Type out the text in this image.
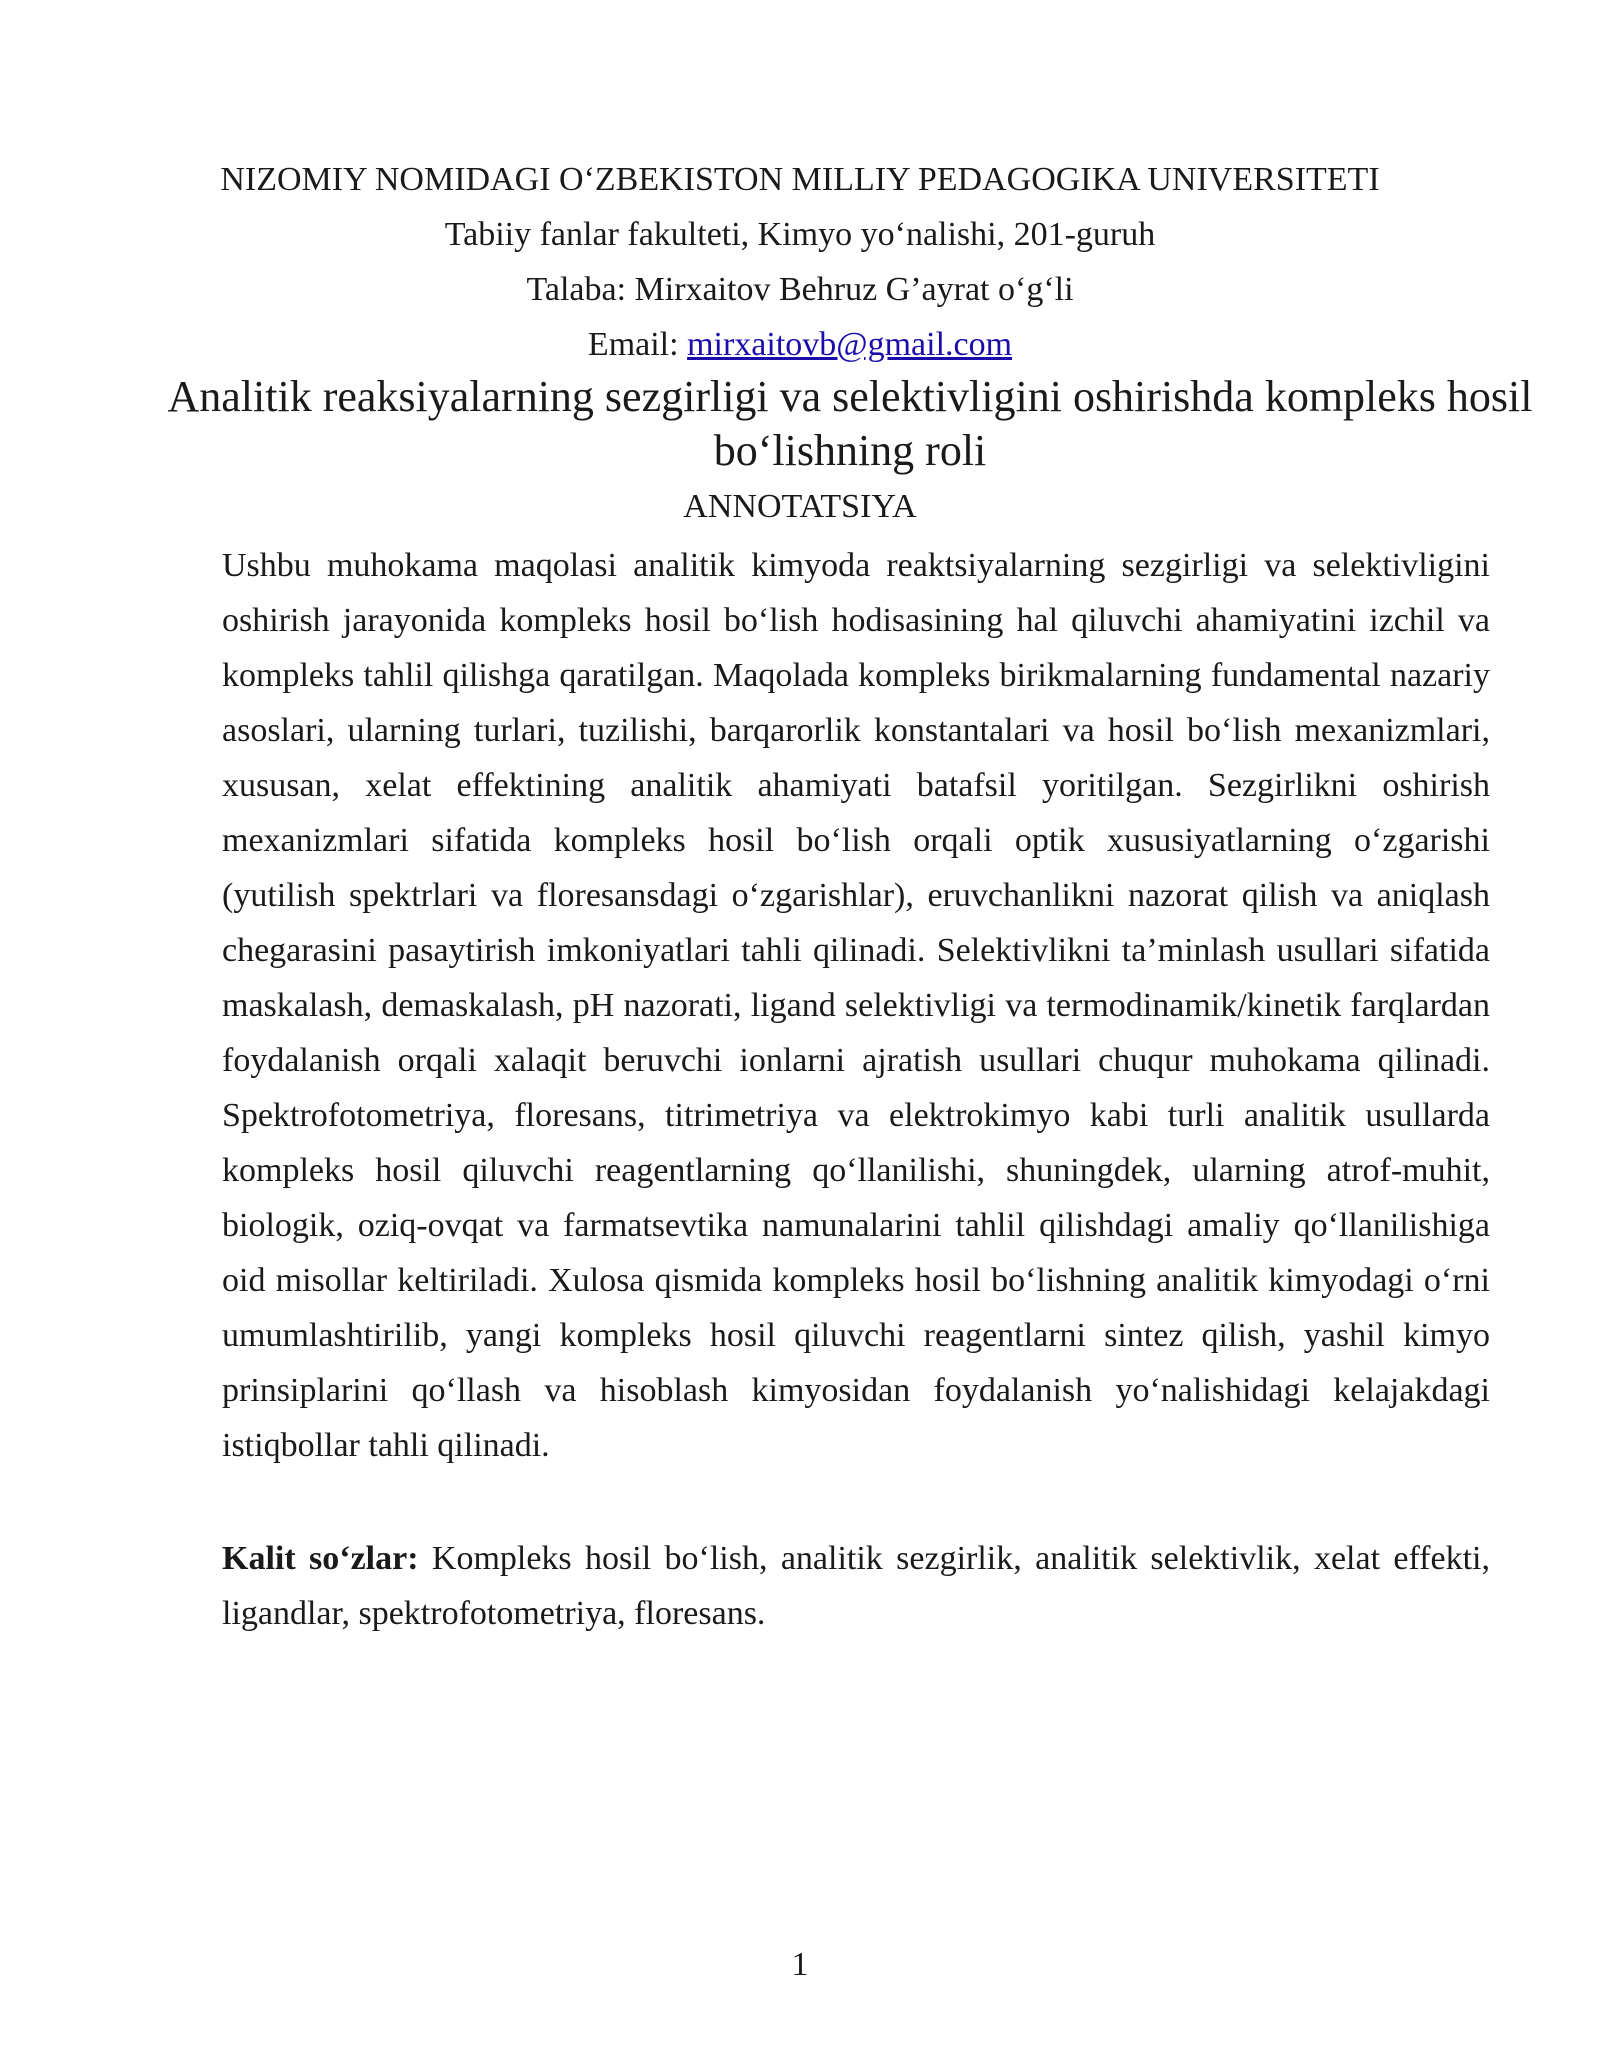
NIZOMIY NOMIDAGI O‘ZBEKISTON MILLIY PEDAGOGIKA UNIVERSITETI
Tabiiy fanlar fakulteti, Kimyo yo‘nalishi, 201-guruh
Talaba: Mirxaitov Behruz G’ayrat o‘g‘li
Email: mirxaitovb@gmail.com
Analitik reaksiyalarning sezgirligi va selektivligini oshirishda kompleks hosil bo‘lishning roli
ANNOTATSIYA
Ushbu muhokama maqolasi analitik kimyoda reaktsiyalarning sezgirligi va selektivligini oshirish jarayonida kompleks hosil bo‘lish hodisasining hal qiluvchi ahamiyatini izchil va kompleks tahlil qilishga qaratilgan. Maqolada kompleks birikmalarning fundamental nazariy asoslari, ularning turlari, tuzilishi, barqarorlik konstantalari va hosil bo‘lish mexanizmlari, xususan, xelat effektining analitik ahamiyati batafsil yoritilgan. Sezgirlikni oshirish mexanizmlari sifatida kompleks hosil bo‘lish orqali optik xususiyatlarning o‘zgarishi (yutilish spektrlari va floresansdagi o‘zgarishlar), eruvchanlikni nazorat qilish va aniqlash chegarasini pasaytirish imkoniyatlari tahli qilinadi. Selektivlikni ta’minlash usullari sifatida maskalash, demaskalash, pH nazorati, ligand selektivligi va termodinamik/kinetik farqlardan foydalanish orqali xalaqit beruvchi ionlarni ajratish usullari chuqur muhokama qilinadi. Spektrofotometriya, floresans, titrimetriya va elektrokimyo kabi turli analitik usullarda kompleks hosil qiluvchi reagentlarning qo‘llanilishi, shuningdek, ularning atrof-muhit, biologik, oziq-ovqat va farmatsevtika namunalarini tahlil qilishdagi amaliy qo‘llanilishiga oid misollar keltiriladi. Xulosa qismida kompleks hosil bo‘lishning analitik kimyodagi o‘rni umumlashtirilib, yangi kompleks hosil qiluvchi reagentlarni sintez qilish, yashil kimyo prinsiplarini qo‘llash va hisoblash kimyosidan foydalanish yo‘nalishidagi kelajakdagi istiqbollar tahli qilinadi.
Kalit so‘zlar: Kompleks hosil bo‘lish, analitik sezgirlik, analitik selektivlik, xelat effekti, ligandlar, spektrofotometriya, floresans.
1
